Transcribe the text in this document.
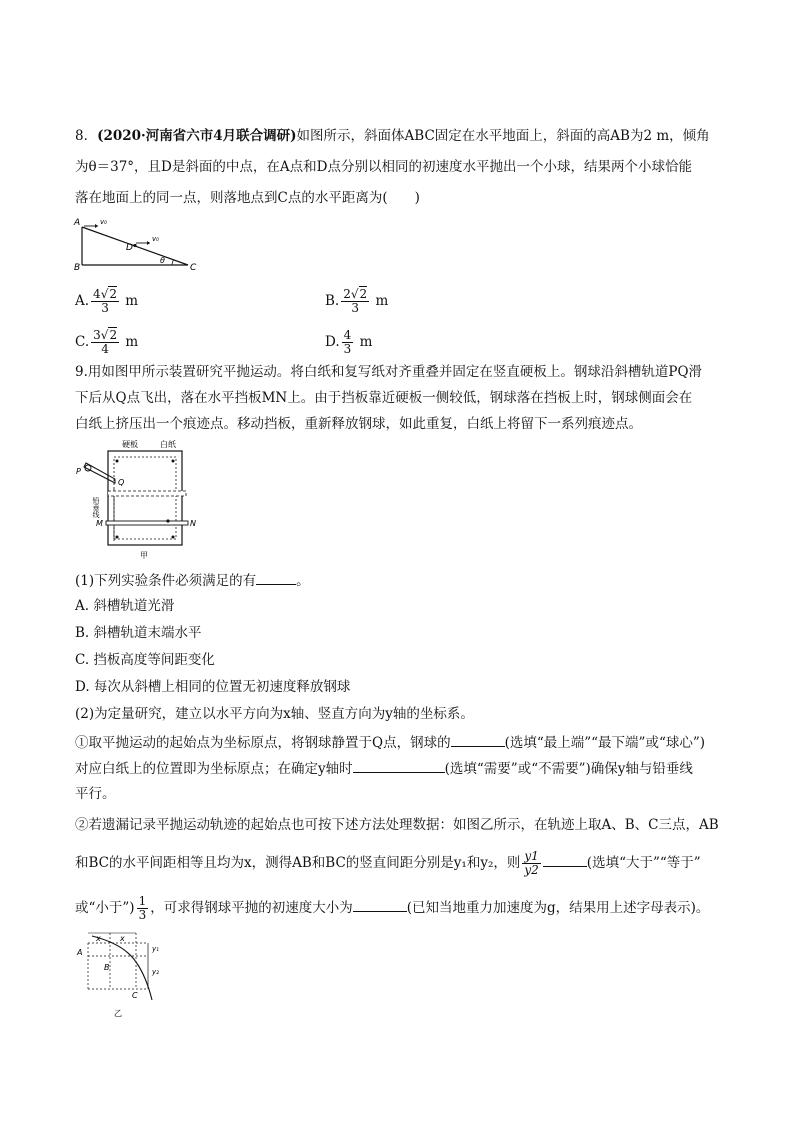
8．(2020·河南省六市4月联合调研)如图所示，斜面体ABC固定在水平地面上，斜面的高AB为2 m，倾角
为θ＝37°，且D是斜面的中点，在A点和D点分别以相同的初速度水平抛出一个小球，结果两个小球恰能
落在地面上的同一点，则落地点到C点的水平距离为(　　)
A
B	C
D
v₀
v₀
θ
A. $\frac{4√2}{3}$ m	B. $\frac{2√2}{3}$ m
C. $\frac{3√2}{4}$ m	D. $\frac{4}{3}$ m
9.用如图甲所示装置研究平抛运动。将白纸和复写纸对齐重叠并固定在竖直硬板上。钢球沿斜槽轨道PQ滑
下后从Q点飞出，落在水平挡板MN上。由于挡板靠近硬板一侧较低，钢球落在挡板上时，钢球侧面会在
白纸上挤压出一个痕迹点。移动挡板，重新释放钢球，如此重复，白纸上将留下一系列痕迹点。
硬板	白纸
P
Q
铅垂线
M	N
甲
(1)下列实验条件必须满足的有	。
A. 斜槽轨道光滑
B. 斜槽轨道末端水平
C. 挡板高度等间距变化
D. 每次从斜槽上相同的位置无初速度释放钢球
(2)为定量研究，建立以水平方向为x轴、竖直方向为y轴的坐标系。
①取平抛运动的起始点为坐标原点，将钢球静置于Q点，钢球的	(选填“最上端”“最下端”或“球心”)
对应白纸上的位置即为坐标原点；在确定y轴时	(选填“需要”或“不需要”)确保y轴与铅垂线
平行。
②若遗漏记录平抛运动轨迹的起始点也可按下述方法处理数据：如图乙所示，在轨迹上取A、B、C三点，AB
和BC的水平间距相等且均为x，测得AB和BC的竖直间距分别是y₁和y₂，则 $\frac{y1}{y2}$	(选填“大于”“等于”
或“小于”) $\frac{1}{3}$ ，可求得钢球平抛的初速度大小为	(已知当地重力加速度为g，结果用上述字母表示)。
x x
y₁
y₂
A
B
C
乙
